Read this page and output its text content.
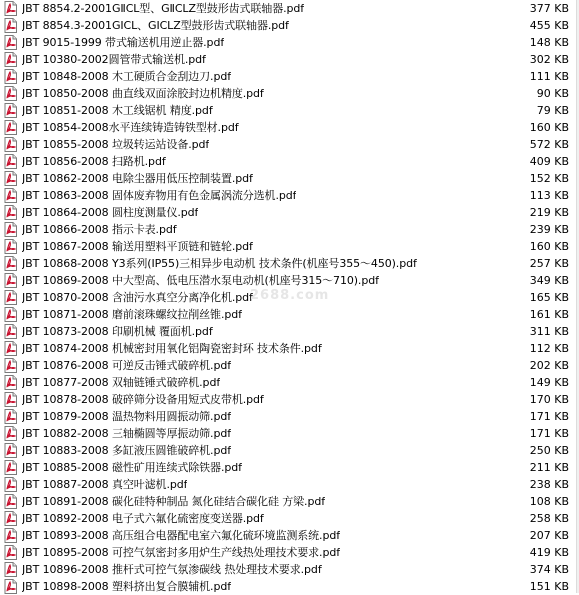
JBT 8854.2-2001GⅡCL型、GⅡCLZ型鼓形齿式联轴器.pdf	377 KB
JBT 8854.3-2001GⅠCL、GⅠCLZ型鼓形齿式联轴器.pdf	455 KB
JBT 9015-1999 带式输送机用逆止器.pdf	148 KB
JBT 10380-2002圆管带式输送机.pdf	302 KB
JBT 10848-2008 木工硬质合金刮边刀.pdf	111 KB
JBT 10850-2008 曲直线双面涂胶封边机精度.pdf	90 KB
JBT 10851-2008 木工线锯机 精度.pdf	79 KB
JBT 10854-2008水平连续铸造铸铁型材.pdf	160 KB
JBT 10855-2008 垃圾转运站设备.pdf	572 KB
JBT 10856-2008 扫路机.pdf	409 KB
JBT 10862-2008 电除尘器用低压控制装置.pdf	152 KB
JBT 10863-2008 固体废弃物用有色金属涡流分选机.pdf	113 KB
JBT 10864-2008 圆柱度测量仪.pdf	219 KB
JBT 10866-2008 指示卡表.pdf	239 KB
JBT 10867-2008 输送用塑料平顶链和链轮.pdf	160 KB
JBT 10868-2008 Y3系列(IP55)三相异步电动机 技术条件(机座号355～450).pdf	257 KB
JBT 10869-2008 中大型高、低电压潜水泵电动机(机座号315～710).pdf	349 KB
JBT 10870-2008 含油污水真空分离净化机.pdf	165 KB
JBT 10871-2008 磨前滚珠螺纹拉削丝锥.pdf	161 KB
JBT 10873-2008 印刷机械 覆面机.pdf	311 KB
JBT 10874-2008 机械密封用氧化铝陶瓷密封环 技术条件.pdf	112 KB
JBT 10876-2008 可逆反击锤式破碎机.pdf	202 KB
JBT 10877-2008 双轴链锤式破碎机.pdf	149 KB
JBT 10878-2008 破碎筛分设备用短式皮带机.pdf	170 KB
JBT 10879-2008 温热物料用圆振动筛.pdf	171 KB
JBT 10882-2008 三轴椭圆等厚振动筛.pdf	171 KB
JBT 10883-2008 多缸液压圆锥破碎机.pdf	250 KB
JBT 10885-2008 磁性矿用连续式除铁器.pdf	211 KB
JBT 10887-2008 真空叶滤机.pdf	238 KB
JBT 10891-2008 碳化硅特种制品 氮化硅结合碳化硅 方梁.pdf	108 KB
JBT 10892-2008 电子式六氟化硫密度变送器.pdf	258 KB
JBT 10893-2008 高压组合电器配电室六氟化硫环境监测系统.pdf	207 KB
JBT 10895-2008 可控气氛密封多用炉生产线热处理技术要求.pdf	419 KB
JBT 10896-2008 推杆式可控气氛渗碳线 热处理技术要求.pdf	374 KB
JBT 10898-2008 塑料挤出复合膜辅机.pdf	151 KB
2688.com
